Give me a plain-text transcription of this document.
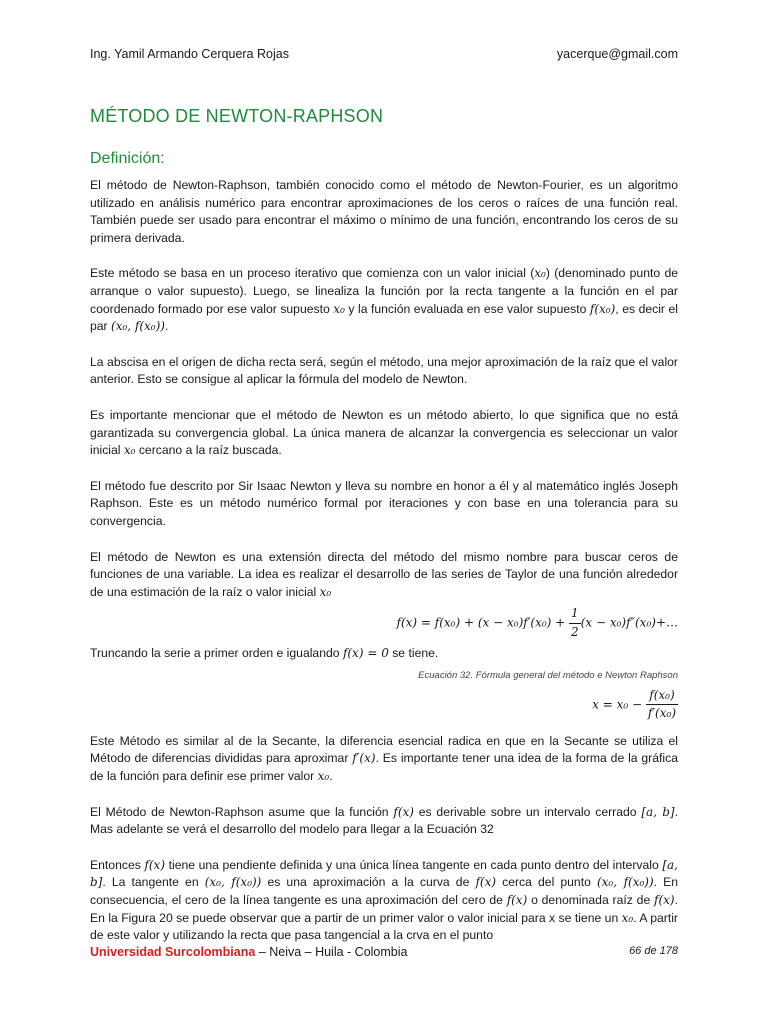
Ing. Yamil Armando Cerquera Rojas	yacerque@gmail.com
MÉTODO DE NEWTON-RAPHSON
Definición:

El método de Newton-Raphson, también conocido como el método de Newton-Fourier, es un algoritmo utilizado en análisis numérico para encontrar aproximaciones de los ceros o raíces de una función real. También puede ser usado para encontrar el máximo o mínimo de una función, encontrando los ceros de su primera derivada.

Este método se basa en un proceso iterativo que comienza con un valor inicial (x₀) (denominado punto de arranque o valor supuesto). Luego, se linealiza la función por la recta tangente a la función en el par coordenado formado por ese valor supuesto x₀ y la función evaluada en ese valor supuesto f(x₀), es decir el par (x₀, f(x₀)).

La abscisa en el origen de dicha recta será, según el método, una mejor aproximación de la raíz que el valor anterior. Esto se consigue al aplicar la fórmula del modelo de Newton.

Es importante mencionar que el método de Newton es un método abierto, lo que significa que no está garantizada su convergencia global. La única manera de alcanzar la convergencia es seleccionar un valor inicial x₀ cercano a la raíz buscada.

El método fue descrito por Sir Isaac Newton y lleva su nombre en honor a él y al matemático inglés Joseph Raphson. Este es un método numérico formal por iteraciones y con base en una tolerancia para su convergencia.

El método de Newton es una extensión directa del método del mismo nombre para buscar ceros de funciones de una variable. La idea es realizar el desarrollo de las series de Taylor de una función alrededor de una estimación de la raíz o valor inicial x₀

$f(x) = f(x_0) + (x - x_0)f'(x_0) + \frac{1}{2} (x$ − x₀)f″(x₀)+…

Truncando la serie a primer orden e igualando f(x) = 0 se tiene.

Ecuación 32. Fórmula general del método e Newton Raphson
$x = x_0 - \frac{\text{f(x₀)}}{\text{f′(x₀)}}$

Este Método es similar al de la Secante, la diferencia esencial radica en que en la Secante se utiliza el Método de diferencias divididas para aproximar f′(x). Es importante tener una idea de la forma de la gráfica de la función para definir ese primer valor x₀.

El Método de Newton-Raphson asume que la función f(x) es derivable sobre un intervalo cerrado [a, b]. Mas adelante se verá el desarrollo del modelo para llegar a la Ecuación 32

Entonces f(x) tiene una pendiente definida y una única línea tangente en cada punto dentro del intervalo [a, b]. La tangente en (x₀, f(x₀)) es una aproximación a la curva de f(x) cerca del punto (x₀, f(x₀)). En consecuencia, el cero de la línea tangente es una aproximación del cero de f(x) o denominada raíz de f(x). En la Figura 20 se puede observar que a partir de un primer valor o valor inicial para x se tiene un x₀. A partir de este valor y utilizando la recta que pasa tangencial a la crva en el punto

Universidad Surcolombiana – Neiva – Huila - Colombia	66 de 178
